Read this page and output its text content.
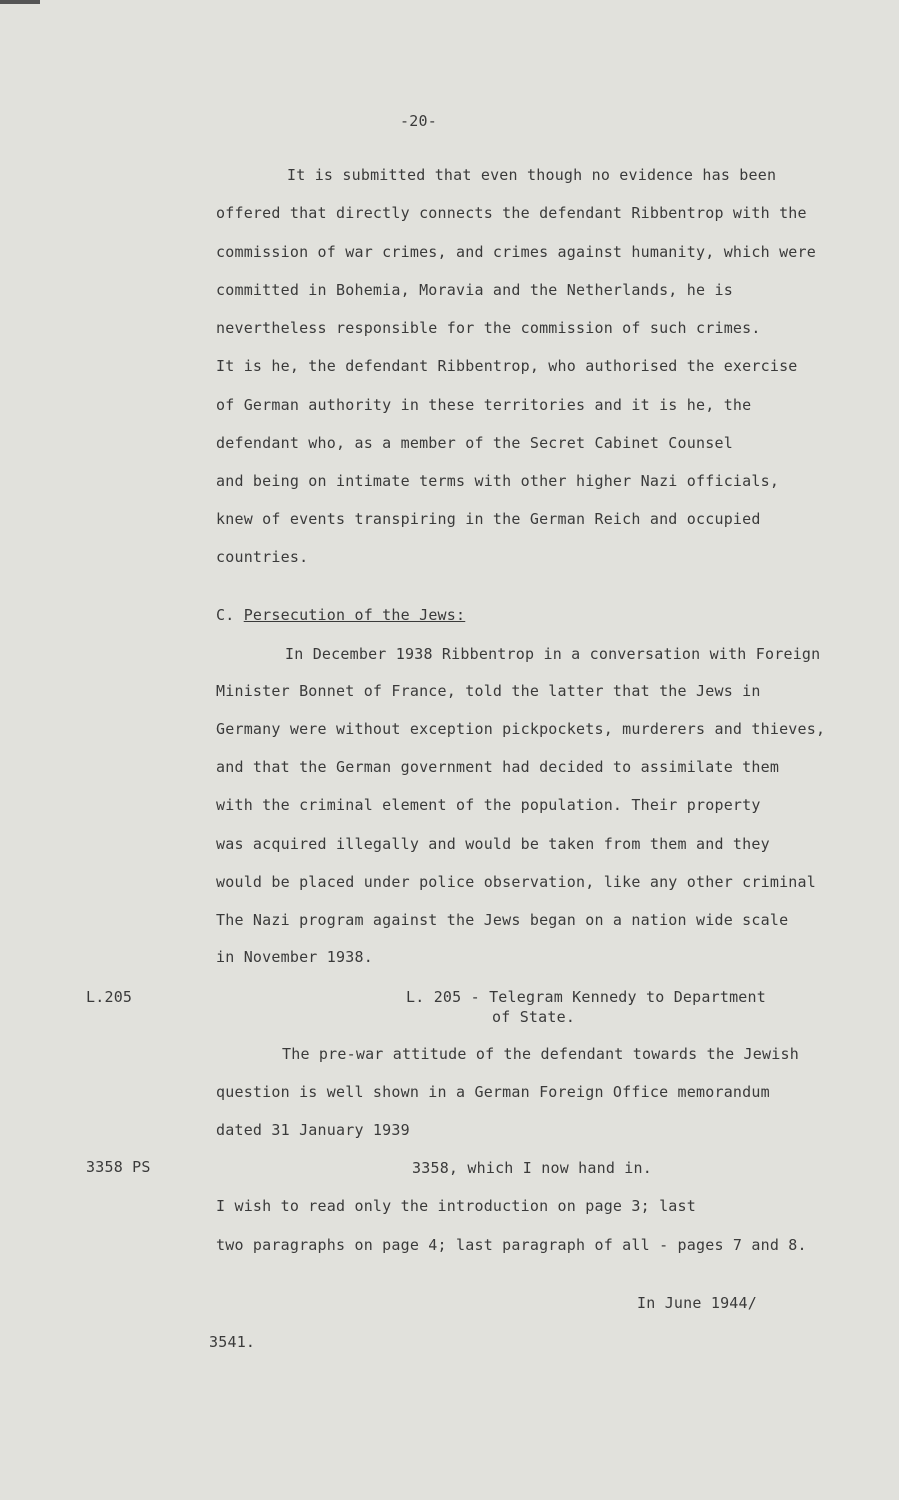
-20-
It is submitted that even though no evidence has been
offered that directly connects the defendant Ribbentrop with the
commission of war crimes, and crimes against humanity, which were
committed in Bohemia, Moravia and the Netherlands, he is
nevertheless responsible for the commission of such crimes.
It is he, the defendant Ribbentrop, who authorised the exercise
of German authority in these territories and it is he, the
defendant who, as a member of the Secret Cabinet Counsel
and being on intimate terms with other higher Nazi officials,
knew of events transpiring in the German Reich and occupied
countries.
C. Persecution of the Jews:
In December 1938 Ribbentrop in a conversation with Foreign
Minister Bonnet of France, told the latter that the Jews in
Germany were without exception pickpockets, murderers and thieves,
and that the German government had decided to assimilate them
with the criminal element of the population. Their property
was acquired illegally and would be taken from them and they
would be placed under police observation, like any other criminal
The Nazi program against the Jews began on a nation wide scale
in November 1938.
L.205	L. 205 - Telegram Kennedy to Department
of State.
The pre-war attitude of the defendant towards the Jewish
question is well shown in a German Foreign Office memorandum
dated 31 January 1939
3358 PS	3358, which I now hand in.
I wish to read only the introduction on page 3; last
two paragraphs on page 4; last paragraph of all - pages 7 and 8.
In June 1944/
3541.
